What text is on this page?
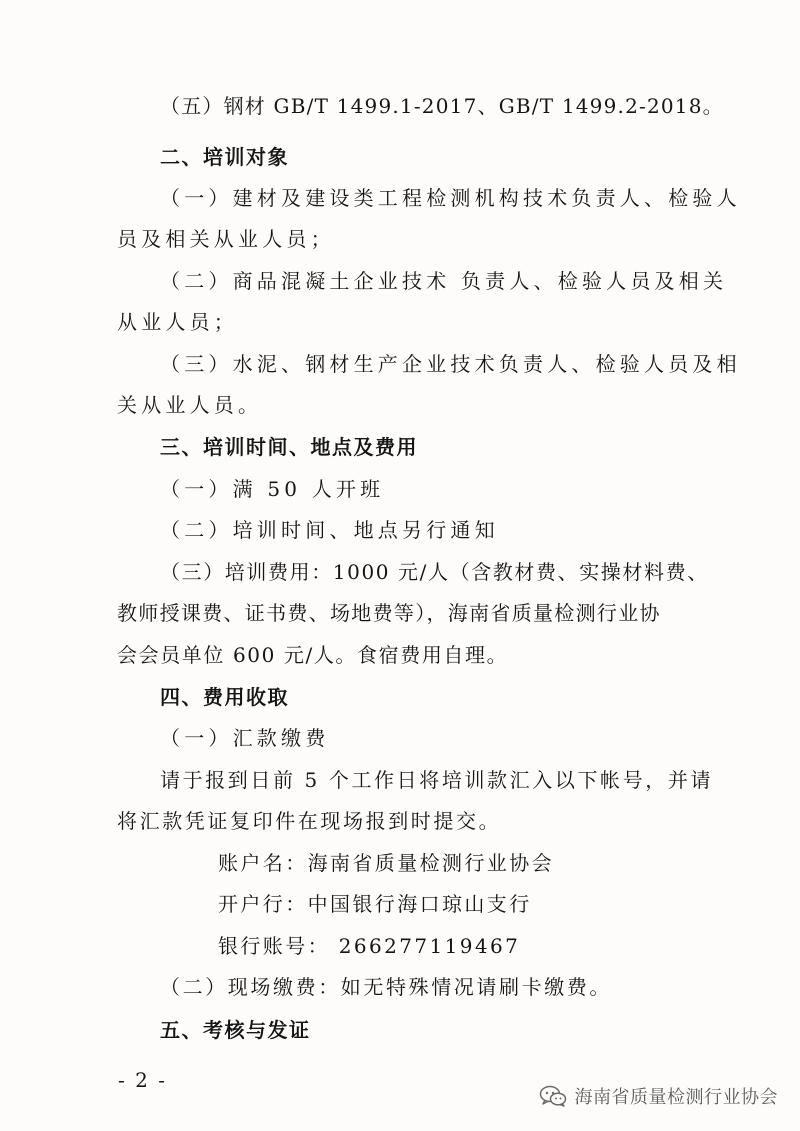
（五）钢材 GB/T 1499.1-2017、GB/T 1499.2-2018。
二、培训对象
（一）建材及建设类工程检测机构技术负责人、检验人
员及相关从业人员；
（二）商品混凝土企业技术 负责人、检验人员及相关
从业人员；
（三）水泥、钢材生产企业技术负责人、检验人员及相
关从业人员。
三、培训时间、地点及费用
（一）满 50 人开班
（二）培训时间、地点另行通知
（三）培训费用：1000 元/人（含教材费、实操材料费、
教师授课费、证书费、场地费等），海南省质量检测行业协
会会员单位 600 元/人。食宿费用自理。
四、费用收取
（一）汇款缴费
请于报到日前 5 个工作日将培训款汇入以下帐号，并请
将汇款凭证复印件在现场报到时提交。
账户名：海南省质量检测行业协会
开户行：中国银行海口琼山支行
银行账号： 266277119467
（二）现场缴费：如无特殊情况请刷卡缴费。
五、考核与发证
- 2 -
海南省质量检测行业协会
